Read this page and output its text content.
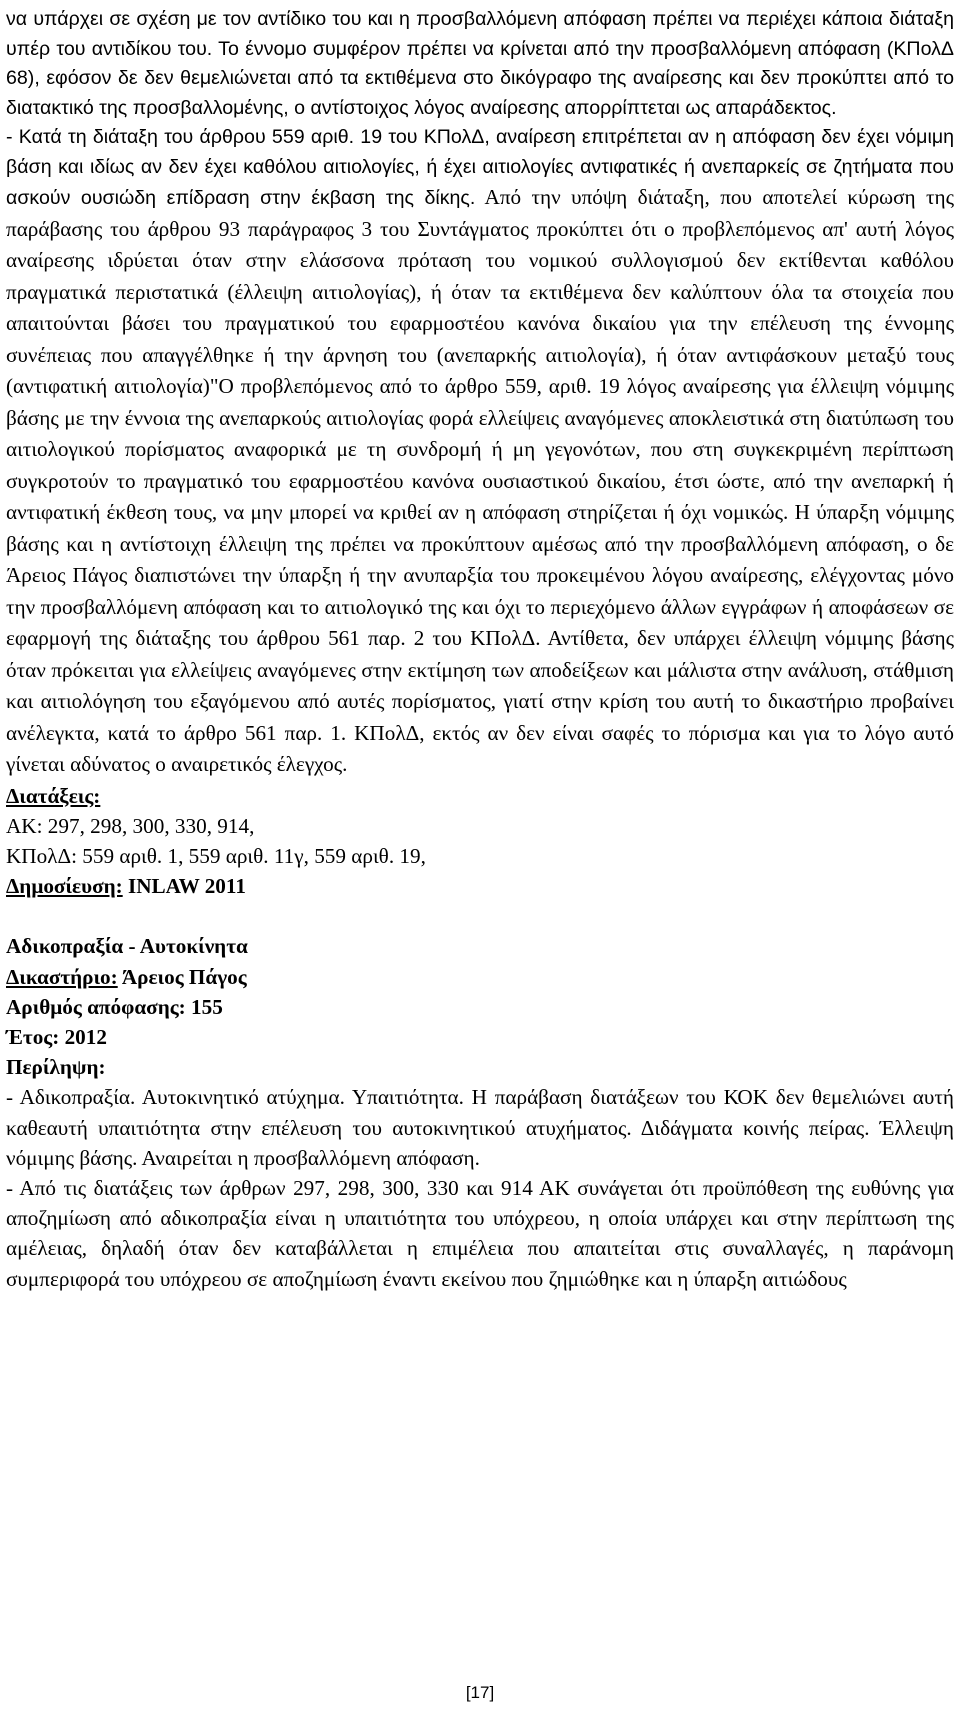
να υπάρχει σε σχέση με τον αντίδικο του και η προσβαλλόμενη απόφαση πρέπει να περιέχει κάποια διάταξη υπέρ του αντιδίκου του. Το έννομο συμφέρον πρέπει να κρίνεται από την προσβαλλόμενη απόφαση (ΚΠολΔ 68), εφόσον δε δεν θεμελιώνεται από τα εκτιθέμενα στο δικόγραφο της αναίρεσης και δεν προκύπτει από το διατακτικό της προσβαλλομένης, ο αντίστοιχος λόγος αναίρεσης απορρίπτεται ως απαράδεκτος.
- Κατά τη διάταξη του άρθρου 559 αριθ. 19 του ΚΠολΔ, αναίρεση επιτρέπεται αν η απόφαση δεν έχει νόμιμη βάση και ιδίως αν δεν έχει καθόλου αιτιολογίες, ή έχει αιτιολογίες αντιφατικές ή ανεπαρκείς σε ζητήματα που ασκούν ουσιώδη επίδραση στην έκβαση της δίκης. Από την υπόψη διάταξη, που αποτελεί κύρωση της παράβασης του άρθρου 93 παράγραφος 3 του Συντάγματος προκύπτει ότι ο προβλεπόμενος απ' αυτή λόγος αναίρεσης ιδρύεται όταν στην ελάσσονα πρόταση του νομικού συλλογισμού δεν εκτίθενται καθόλου πραγματικά περιστατικά (έλλειψη αιτιολογίας), ή όταν τα εκτιθέμενα δεν καλύπτουν όλα τα στοιχεία που απαιτούνται βάσει του πραγματικού του εφαρμοστέου κανόνα δικαίου για την επέλευση της έννομης συνέπειας που απαγγέλθηκε ή την άρνηση του (ανεπαρκής αιτιολογία), ή όταν αντιφάσκουν μεταξύ τους (αντιφατική αιτιολογία)"Ο προβλεπόμενος από το άρθρο 559, αριθ. 19 λόγος αναίρεσης για έλλειψη νόμιμης βάσης με την έννοια της ανεπαρκούς αιτιολογίας φορά ελλείψεις αναγόμενες αποκλειστικά στη διατύπωση του αιτιολογικού πορίσματος αναφορικά με τη συνδρομή ή μη γεγονότων, που στη συγκεκριμένη περίπτωση συγκροτούν το πραγματικό του εφαρμοστέου κανόνα ουσιαστικού δικαίου, έτσι ώστε, από την ανεπαρκή ή αντιφατική έκθεση τους, να μην μπορεί να κριθεί αν η απόφαση στηρίζεται ή όχι νομικώς. Η ύπαρξη νόμιμης βάσης και η αντίστοιχη έλλειψη της πρέπει να προκύπτουν αμέσως από την προσβαλλόμενη απόφαση, ο δε Άρειος Πάγος διαπιστώνει την ύπαρξη ή την ανυπαρξία του προκειμένου λόγου αναίρεσης, ελέγχοντας μόνο την προσβαλλόμενη απόφαση και το αιτιολογικό της και όχι το περιεχόμενο άλλων εγγράφων ή αποφάσεων σε εφαρμογή της διάταξης του άρθρου 561 παρ. 2 του ΚΠολΔ. Αντίθετα, δεν υπάρχει έλλειψη νόμιμης βάσης όταν πρόκειται για ελλείψεις αναγόμενες στην εκτίμηση των αποδείξεων και μάλιστα στην ανάλυση, στάθμιση και αιτιολόγηση του εξαγόμενου από αυτές πορίσματος, γιατί στην κρίση του αυτή το δικαστήριο προβαίνει ανέλεγκτα, κατά το άρθρο 561 παρ. 1. ΚΠολΔ, εκτός αν δεν είναι σαφές το πόρισμα και για το λόγο αυτό γίνεται αδύνατος ο αναιρετικός έλεγχος.
Διατάξεις:
ΑΚ: 297, 298, 300, 330, 914,
ΚΠολΔ: 559 αριθ. 1, 559 αριθ. 11γ, 559 αριθ. 19,
Δημοσίευση: INLAW 2011
Αδικοπραξία - Αυτοκίνητα
Δικαστήριο: Άρειος Πάγος
Αριθμός απόφασης: 155
Έτος: 2012
Περίληψη:
- Αδικοπραξία. Αυτοκινητικό ατύχημα. Υπαιτιότητα. Η παράβαση διατάξεων του ΚΟΚ δεν θεμελιώνει αυτή καθεαυτή υπαιτιότητα στην επέλευση του αυτοκινητικού ατυχήματος. Διδάγματα κοινής πείρας. Έλλειψη νόμιμης βάσης. Αναιρείται η προσβαλλόμενη απόφαση.
- Από τις διατάξεις των άρθρων 297, 298, 300, 330 και 914 ΑΚ συνάγεται ότι προϋπόθεση της ευθύνης για αποζημίωση από αδικοπραξία είναι η υπαιτιότητα του υπόχρεου, η οποία υπάρχει και στην περίπτωση της αμέλειας, δηλαδή όταν δεν καταβάλλεται η επιμέλεια που απαιτείται στις συναλλαγές, η παράνομη συμπεριφορά του υπόχρεου σε αποζημίωση έναντι εκείνου που ζημιώθηκε και η ύπαρξη αιτιώδους
[17]
